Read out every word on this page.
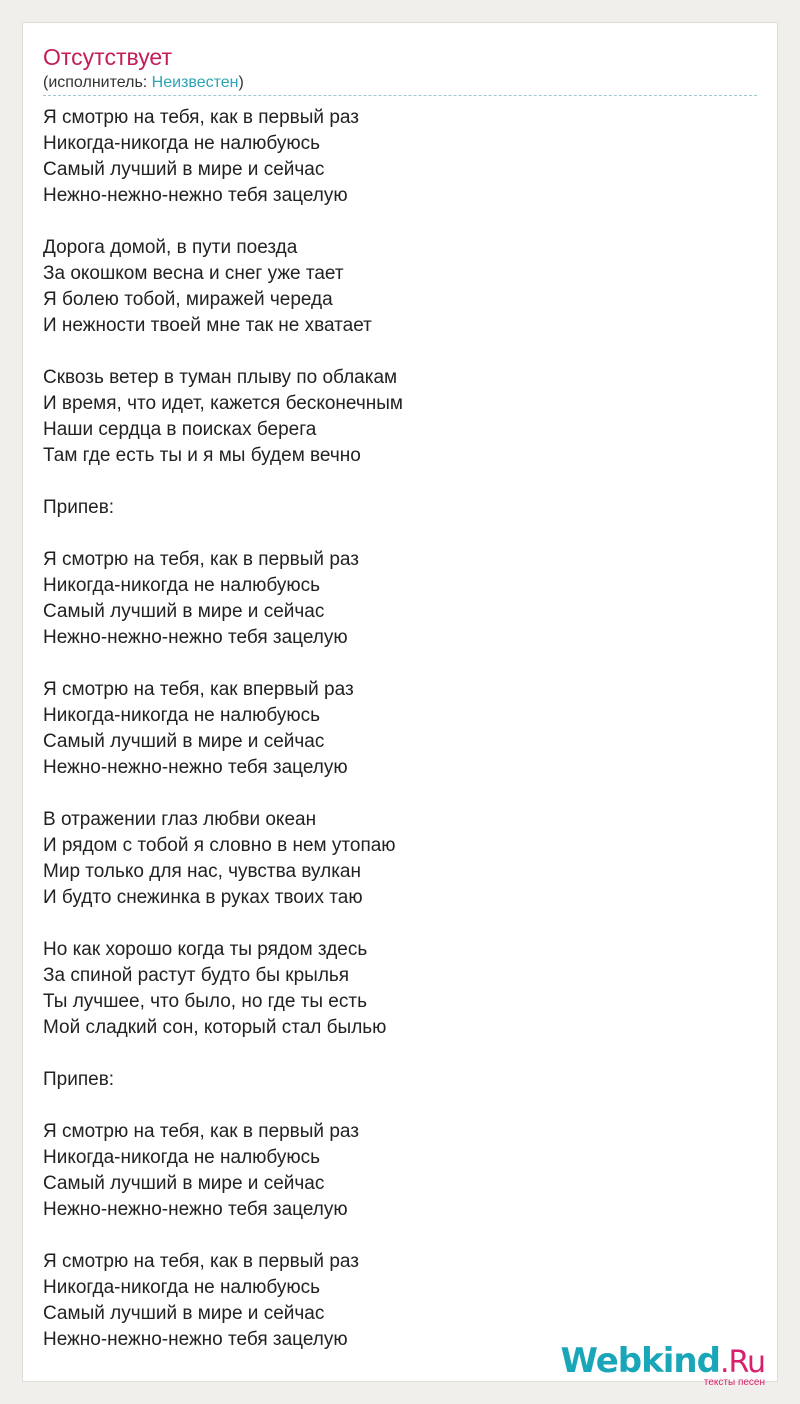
Отсутствует
(исполнитель: Неизвестен)
Я смотрю на тебя, как в первый раз
Никогда-никогда не налюбуюсь
Самый лучший в мире и сейчас
Нежно-нежно-нежно тебя зацелую
Дорога домой, в пути поезда
За окошком весна и снег уже тает
Я болею тобой, миражей череда
И нежности твоей мне так не хватает
Сквозь ветер в туман плыву по облакам
И время, что идет, кажется бесконечным
Наши сердца в поисках берега
Там где есть ты и я мы будем вечно
Припев:
Я смотрю на тебя, как в первый раз
Никогда-никогда не налюбуюсь
Самый лучший в мире и сейчас
Нежно-нежно-нежно тебя зацелую
Я смотрю на тебя, как впервый раз
Никогда-никогда не налюбуюсь
Самый лучший в мире и сейчас
Нежно-нежно-нежно тебя зацелую
В отражении глаз любви океан
И рядом с тобой я словно в нем утопаю
Мир только для нас, чувства вулкан
И будто снежинка в руках твоих таю
Но как хорошо когда ты рядом здесь
За спиной растут будто бы крылья
Ты лучшее, что было, но где ты есть
Мой сладкий сон, который стал былью
Припев:
Я смотрю на тебя, как в первый раз
Никогда-никогда не налюбуюсь
Самый лучший в мире и сейчас
Нежно-нежно-нежно тебя зацелую
Я смотрю на тебя, как в первый раз
Никогда-никогда не налюбуюсь
Самый лучший в мире и сейчас
Нежно-нежно-нежно тебя зацелую
Webkind.Ru
тексты песен
